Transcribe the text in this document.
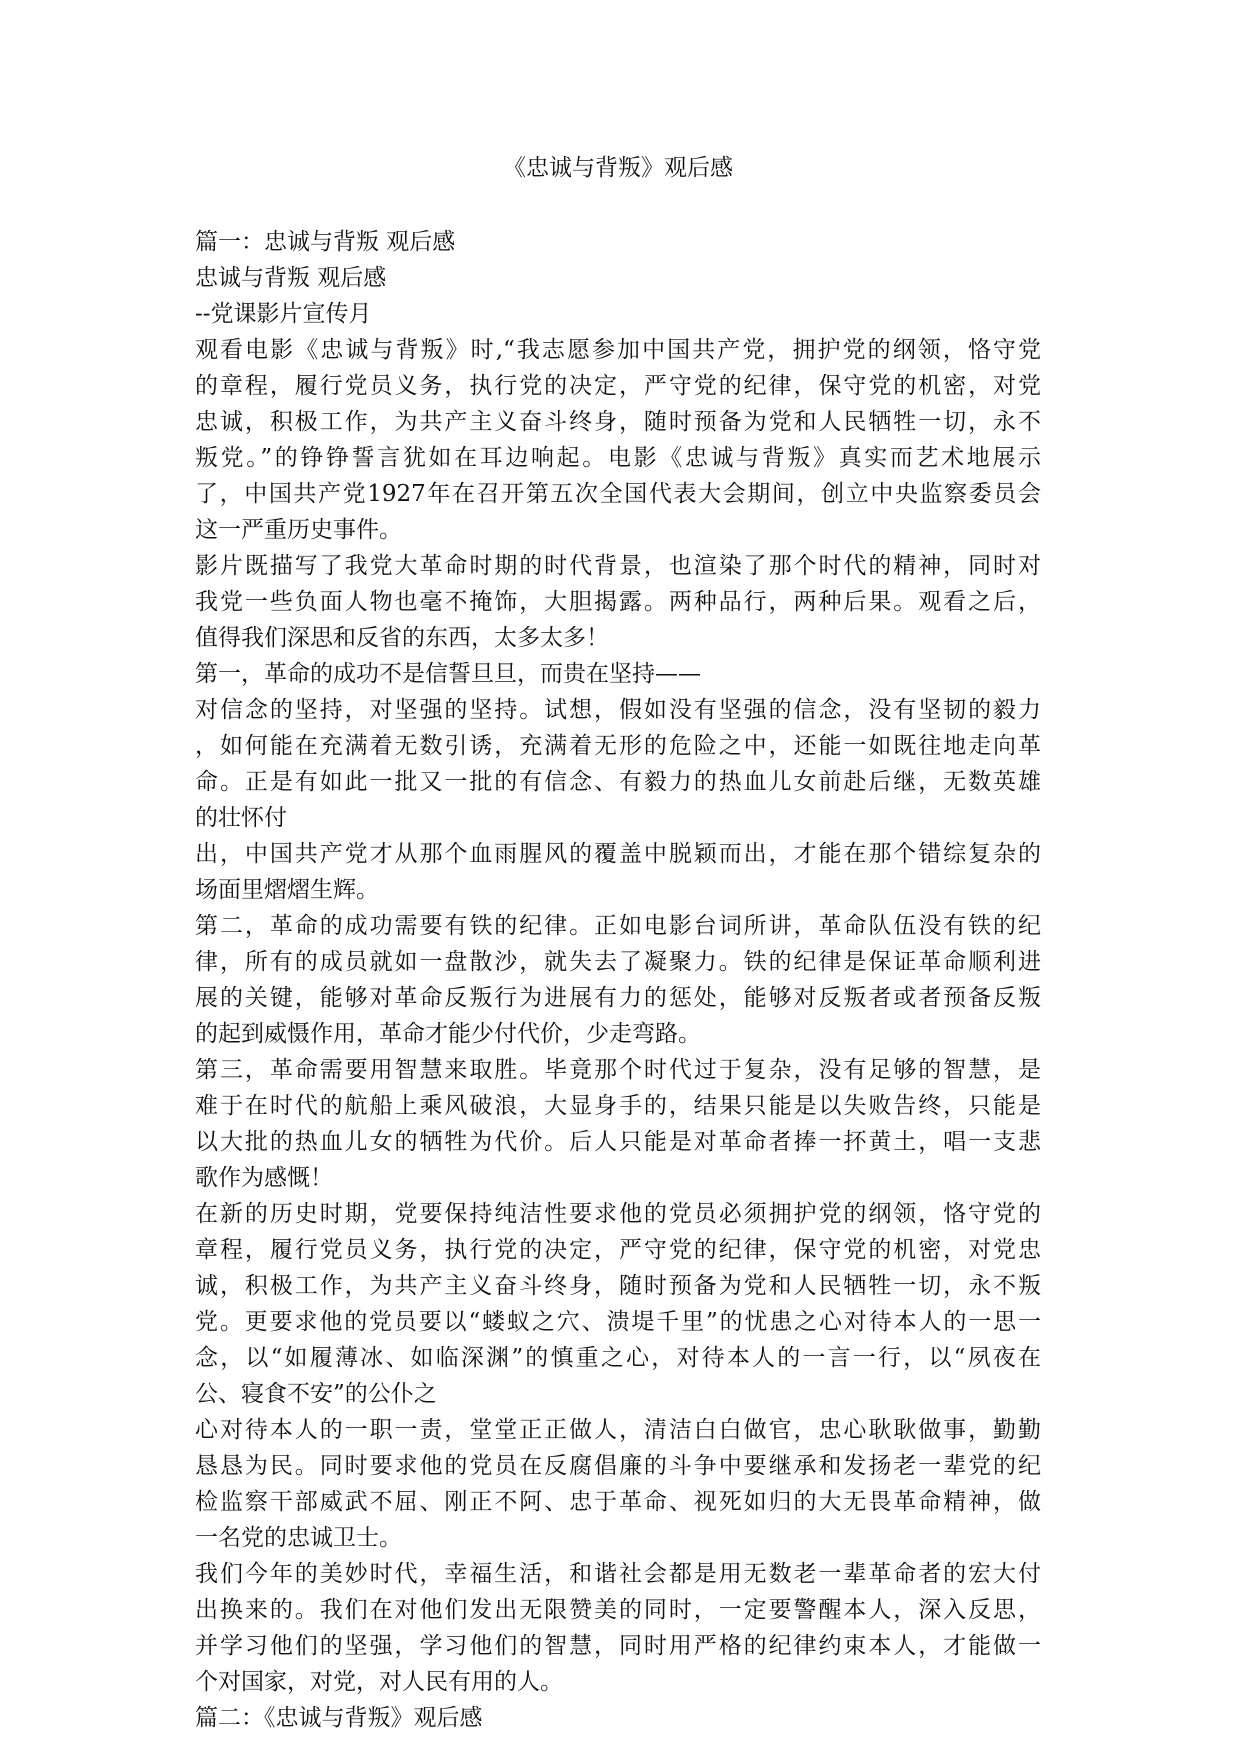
《忠诚与背叛》观后感
篇一：忠诚与背叛 观后感
忠诚与背叛 观后感
--党课影片宣传月
观看电影《忠诚与背叛》时,“我志愿参加中国共产党，拥护党的纲领，恪守党
的章程，履行党员义务，执行党的决定，严守党的纪律，保守党的机密，对党
忠诚，积极工作，为共产主义奋斗终身，随时预备为党和人民牺牲一切，永不
叛党。”的铮铮誓言犹如在耳边响起。电影《忠诚与背叛》真实而艺术地展示
了，中国共产党1927年在召开第五次全国代表大会期间，创立中央监察委员会
这一严重历史事件。
影片既描写了我党大革命时期的时代背景，也渲染了那个时代的精神，同时对
我党一些负面人物也毫不掩饰，大胆揭露。两种品行，两种后果。观看之后，
值得我们深思和反省的东西，太多太多！
第一，革命的成功不是信誓旦旦，而贵在坚持——
对信念的坚持，对坚强的坚持。试想，假如没有坚强的信念，没有坚韧的毅力
，如何能在充满着无数引诱，充满着无形的危险之中，还能一如既往地走向革
命。正是有如此一批又一批的有信念、有毅力的热血儿女前赴后继，无数英雄
的壮怀付
出，中国共产党才从那个血雨腥风的覆盖中脱颖而出，才能在那个错综复杂的
场面里熠熠生辉。
第二，革命的成功需要有铁的纪律。正如电影台词所讲，革命队伍没有铁的纪
律，所有的成员就如一盘散沙，就失去了凝聚力。铁的纪律是保证革命顺利进
展的关键，能够对革命反叛行为进展有力的惩处，能够对反叛者或者预备反叛
的起到威慑作用，革命才能少付代价，少走弯路。
第三，革命需要用智慧来取胜。毕竟那个时代过于复杂，没有足够的智慧，是
难于在时代的航船上乘风破浪，大显身手的，结果只能是以失败告终，只能是
以大批的热血儿女的牺牲为代价。后人只能是对革命者捧一抔黄土，唱一支悲
歌作为感慨！
在新的历史时期，党要保持纯洁性要求他的党员必须拥护党的纲领，恪守党的
章程，履行党员义务，执行党的决定，严守党的纪律，保守党的机密，对党忠
诚，积极工作，为共产主义奋斗终身，随时预备为党和人民牺牲一切，永不叛
党。更要求他的党员要以“蝼蚁之穴、溃堤千里”的忧患之心对待本人的一思一
念，以“如履薄冰、如临深渊”的慎重之心，对待本人的一言一行，以“夙夜在
公、寝食不安”的公仆之
心对待本人的一职一责，堂堂正正做人，清洁白白做官，忠心耿耿做事，勤勤
恳恳为民。同时要求他的党员在反腐倡廉的斗争中要继承和发扬老一辈党的纪
检监察干部威武不屈、刚正不阿、忠于革命、视死如归的大无畏革命精神，做
一名党的忠诚卫士。
我们今年的美妙时代，幸福生活，和谐社会都是用无数老一辈革命者的宏大付
出换来的。我们在对他们发出无限赞美的同时，一定要警醒本人，深入反思，
并学习他们的坚强，学习他们的智慧，同时用严格的纪律约束本人，才能做一
个对国家，对党，对人民有用的人。
篇二：《忠诚与背叛》观后感
